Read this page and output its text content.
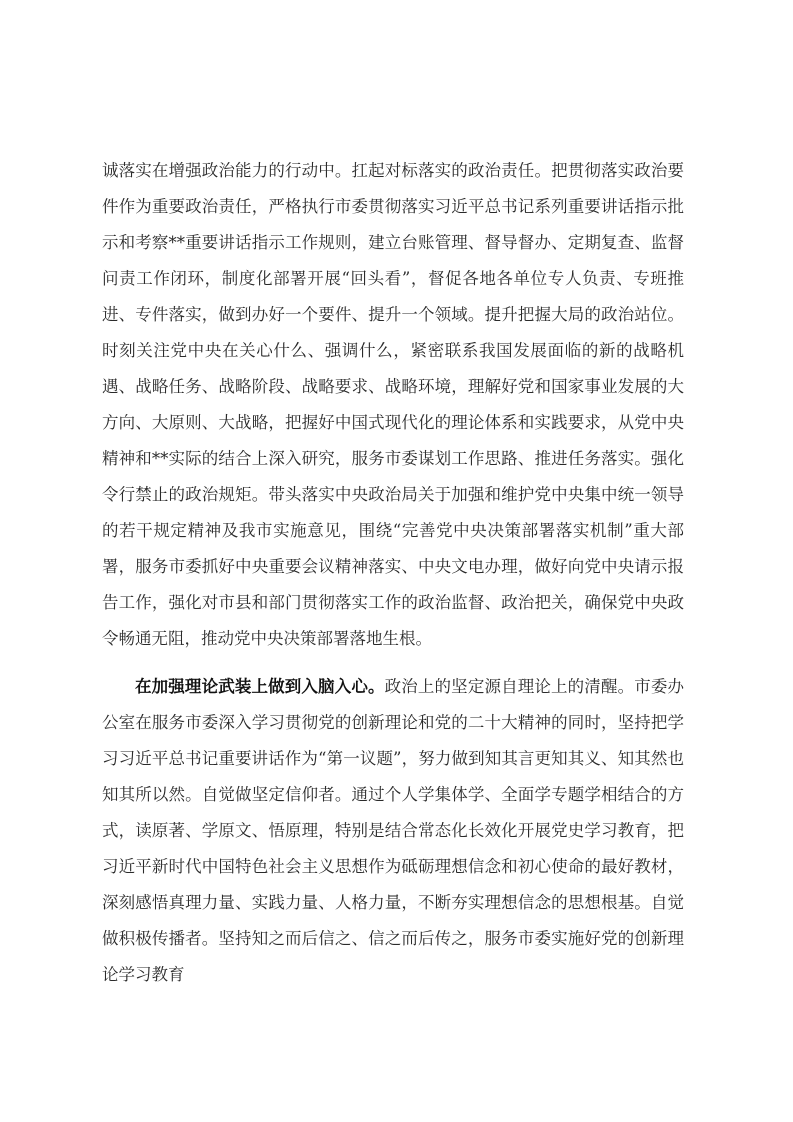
诚落实在增强政治能力的行动中。扛起对标落实的政治责任。把贯彻落实政治要件作为重要政治责任，严格执行市委贯彻落实习近平总书记系列重要讲话指示批示和考察**重要讲话指示工作规则，建立台账管理、督导督办、定期复查、监督问责工作闭环，制度化部署开展“回头看”，督促各地各单位专人负责、专班推进、专件落实，做到办好一个要件、提升一个领域。提升把握大局的政治站位。时刻关注党中央在关心什么、强调什么，紧密联系我国发展面临的新的战略机遇、战略任务、战略阶段、战略要求、战略环境，理解好党和国家事业发展的大方向、大原则、大战略，把握好中国式现代化的理论体系和实践要求，从党中央精神和**实际的结合上深入研究，服务市委谋划工作思路、推进任务落实。强化令行禁止的政治规矩。带头落实中央政治局关于加强和维护党中央集中统一领导的若干规定精神及我市实施意见，围绕“完善党中央决策部署落实机制”重大部署，服务市委抓好中央重要会议精神落实、中央文电办理，做好向党中央请示报告工作，强化对市县和部门贯彻落实工作的政治监督、政治把关，确保党中央政令畅通无阻，推动党中央决策部署落地生根。

在加强理论武装上做到入脑入心。政治上的坚定源自理论上的清醒。市委办公室在服务市委深入学习贯彻党的创新理论和党的二十大精神的同时，坚持把学习习近平总书记重要讲话作为“第一议题”，努力做到知其言更知其义、知其然也知其所以然。自觉做坚定信仰者。通过个人学集体学、全面学专题学相结合的方式，读原著、学原文、悟原理，特别是结合常态化长效化开展党史学习教育，把习近平新时代中国特色社会主义思想作为砥砺理想信念和初心使命的最好教材，深刻感悟真理力量、实践力量、人格力量，不断夯实理想信念的思想根基。自觉做积极传播者。坚持知之而后信之、信之而后传之，服务市委实施好党的创新理论学习教育
